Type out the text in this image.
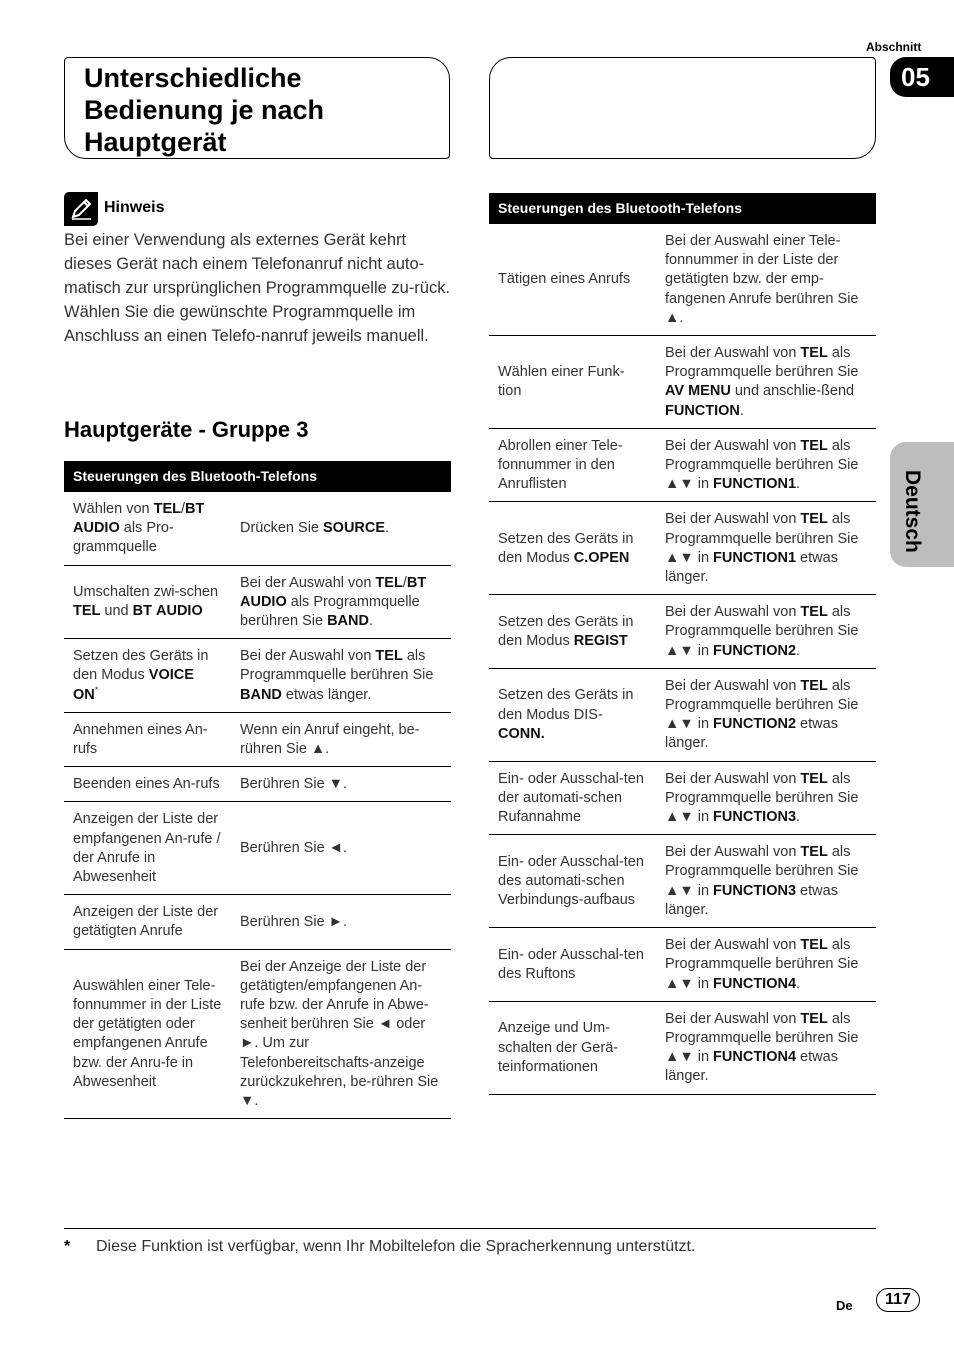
Unterschiedliche Bedienung je nach Hauptgerät
Abschnitt
05
Deutsch
Hinweis

Bei einer Verwendung als externes Gerät kehrt dieses Gerät nach einem Telefonanruf nicht auto-matisch zur ursprünglichen Programmquelle zu-rück. Wählen Sie die gewünschte Programmquelle im Anschluss an einen Telefo-nanruf jeweils manuell.

Hauptgeräte - Gruppe 3
Steuerungen des Bluetooth-Telefons	
Wählen von TEL/BT AUDIO als Pro-grammquelle	Drücken Sie SOURCE.
Umschalten zwi-schen TEL und BT AUDIO	Bei der Auswahl von TEL/BT AUDIO als Programmquelle berühren Sie BAND.
Setzen des Geräts in den Modus VOICE ON*	Bei der Auswahl von TEL als Programmquelle berühren Sie BAND etwas länger.
Annehmen eines An-rufs	Wenn ein Anruf eingeht, be-rühren Sie ▲.
Beenden eines An-rufs	Berühren Sie ▼.
Anzeigen der Liste der empfangenen An-rufe / der Anrufe in Abwesenheit	Berühren Sie ◄.
Anzeigen der Liste der getätigten Anrufe	Berühren Sie ►.
Auswählen einer Tele-fonnummer in der Liste der getätigten oder empfangenen Anrufe bzw. der Anru-fe in Abwesenheit	Bei der Anzeige der Liste der getätigten/empfangenen An-rufe bzw. der Anrufe in Abwe-senheit berühren Sie ◄ oder ►. Um zur Telefonbereitschafts-anzeige zurückzukehren, be-rühren Sie ▼.
Steuerungen des Bluetooth-Telefons	
Tätigen eines Anrufs	Bei der Auswahl einer Tele-fonnummer in der Liste der getätigten bzw. der emp-fangenen Anrufe berühren Sie ▲.
Wählen einer Funk-tion	Bei der Auswahl von TEL als Programmquelle berühren Sie AV MENU und anschlie-ßend FUNCTION.
Abrollen einer Tele-fonnummer in den Anruflisten	Bei der Auswahl von TEL als Programmquelle berühren Sie ▲▼ in FUNCTION1.
Setzen des Geräts in den Modus C.OPEN	Bei der Auswahl von TEL als Programmquelle berühren Sie ▲▼ in FUNCTION1 etwas länger.
Setzen des Geräts in den Modus REGIST	Bei der Auswahl von TEL als Programmquelle berühren Sie ▲▼ in FUNCTION2.
Setzen des Geräts in den Modus DIS-CONN.	Bei der Auswahl von TEL als Programmquelle berühren Sie ▲▼ in FUNCTION2 etwas länger.
Ein- oder Ausschal-ten der automati-schen Rufannahme	Bei der Auswahl von TEL als Programmquelle berühren Sie ▲▼ in FUNCTION3.
Ein- oder Ausschal-ten des automati-schen Verbindungs-aufbaus	Bei der Auswahl von TEL als Programmquelle berühren Sie ▲▼ in FUNCTION3 etwas länger.
Ein- oder Ausschal-ten des Ruftons	Bei der Auswahl von TEL als Programmquelle berühren Sie ▲▼ in FUNCTION4.
Anzeige und Um-schalten der Gerä-teinformationen	Bei der Auswahl von TEL als Programmquelle berühren Sie ▲▼ in FUNCTION4 etwas länger.
* Diese Funktion ist verfügbar, wenn Ihr Mobiltelefon die Spracherkennung unterstützt.
De	117
